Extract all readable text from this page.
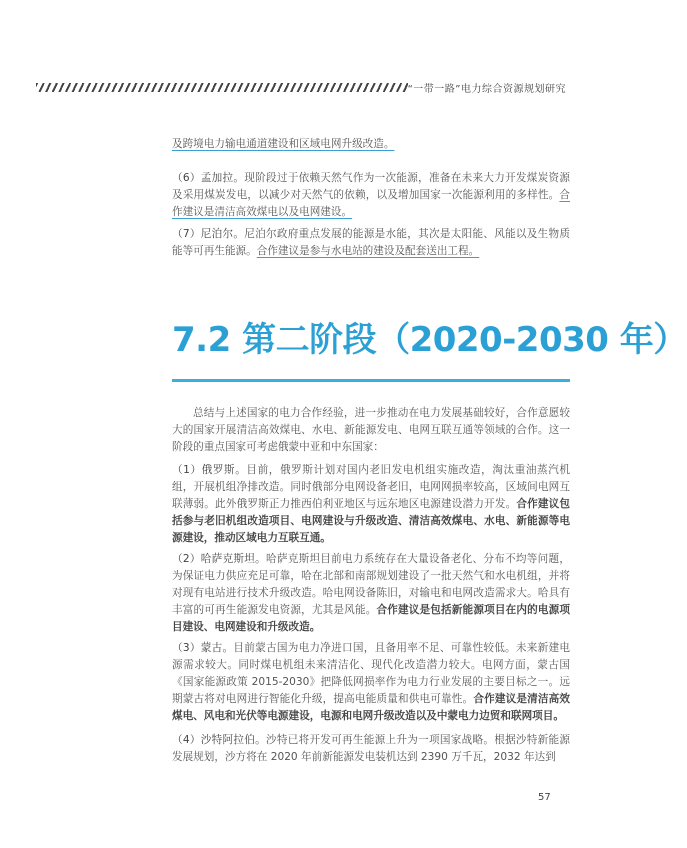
“一带一路”电力综合资源规划研究

及跨境电力输电通道建设和区域电网升级改造。

（6）孟加拉。现阶段过于依赖天然气作为一次能源，准备在未来大力开发煤炭资源及采用煤炭发电，以减少对天然气的依赖，以及增加国家一次能源利用的多样性。合作建议是清洁高效煤电以及电网建设。

（7）尼泊尔。尼泊尔政府重点发展的能源是水能，其次是太阳能、风能以及生物质能等可再生能源。合作建议是参与水电站的建设及配套送出工程。

7.2 第二阶段（2020-2030 年）

总结与上述国家的电力合作经验，进一步推动在电力发展基础较好，合作意愿较大的国家开展清洁高效煤电、水电、新能源发电、电网互联互通等领域的合作。这一阶段的重点国家可考虑俄蒙中亚和中东国家：

（1）俄罗斯。目前，俄罗斯计划对国内老旧发电机组实施改造，淘汰重油蒸汽机组，开展机组净排改造。同时俄部分电网设备老旧，电网网损率较高，区域间电网互联薄弱。此外俄罗斯正力推西伯利亚地区与远东地区电源建设潜力开发。合作建议包括参与老旧机组改造项目、电网建设与升级改造、清洁高效煤电、水电、新能源等电源建设，推动区域电力互联互通。

（2）哈萨克斯坦。哈萨克斯坦目前电力系统存在大量设备老化、分布不均等问题，为保证电力供应充足可靠，哈在北部和南部规划建设了一批天然气和水电机组，并将对现有电站进行技术升级改造。哈电网设备陈旧，对输电和电网改造需求大。哈具有丰富的可再生能源发电资源，尤其是风能。合作建议是包括新能源项目在内的电源项目建设、电网建设和升级改造。

（3）蒙古。目前蒙古国为电力净进口国，且备用率不足、可靠性较低。未来新建电源需求较大。同时煤电机组未来清洁化、现代化改造潜力较大。电网方面，蒙古国《国家能源政策 2015-2030》把降低网损率作为电力行业发展的主要目标之一。远期蒙古将对电网进行智能化升级，提高电能质量和供电可靠性。合作建议是清洁高效煤电、风电和光伏等电源建设，电源和电网升级改造以及中蒙电力边贸和联网项目。

（4）沙特阿拉伯。沙特已将开发可再生能源上升为一项国家战略。根据沙特新能源发展规划，沙方将在 2020 年前新能源发电装机达到 2390 万千瓦，2032 年达到

57
